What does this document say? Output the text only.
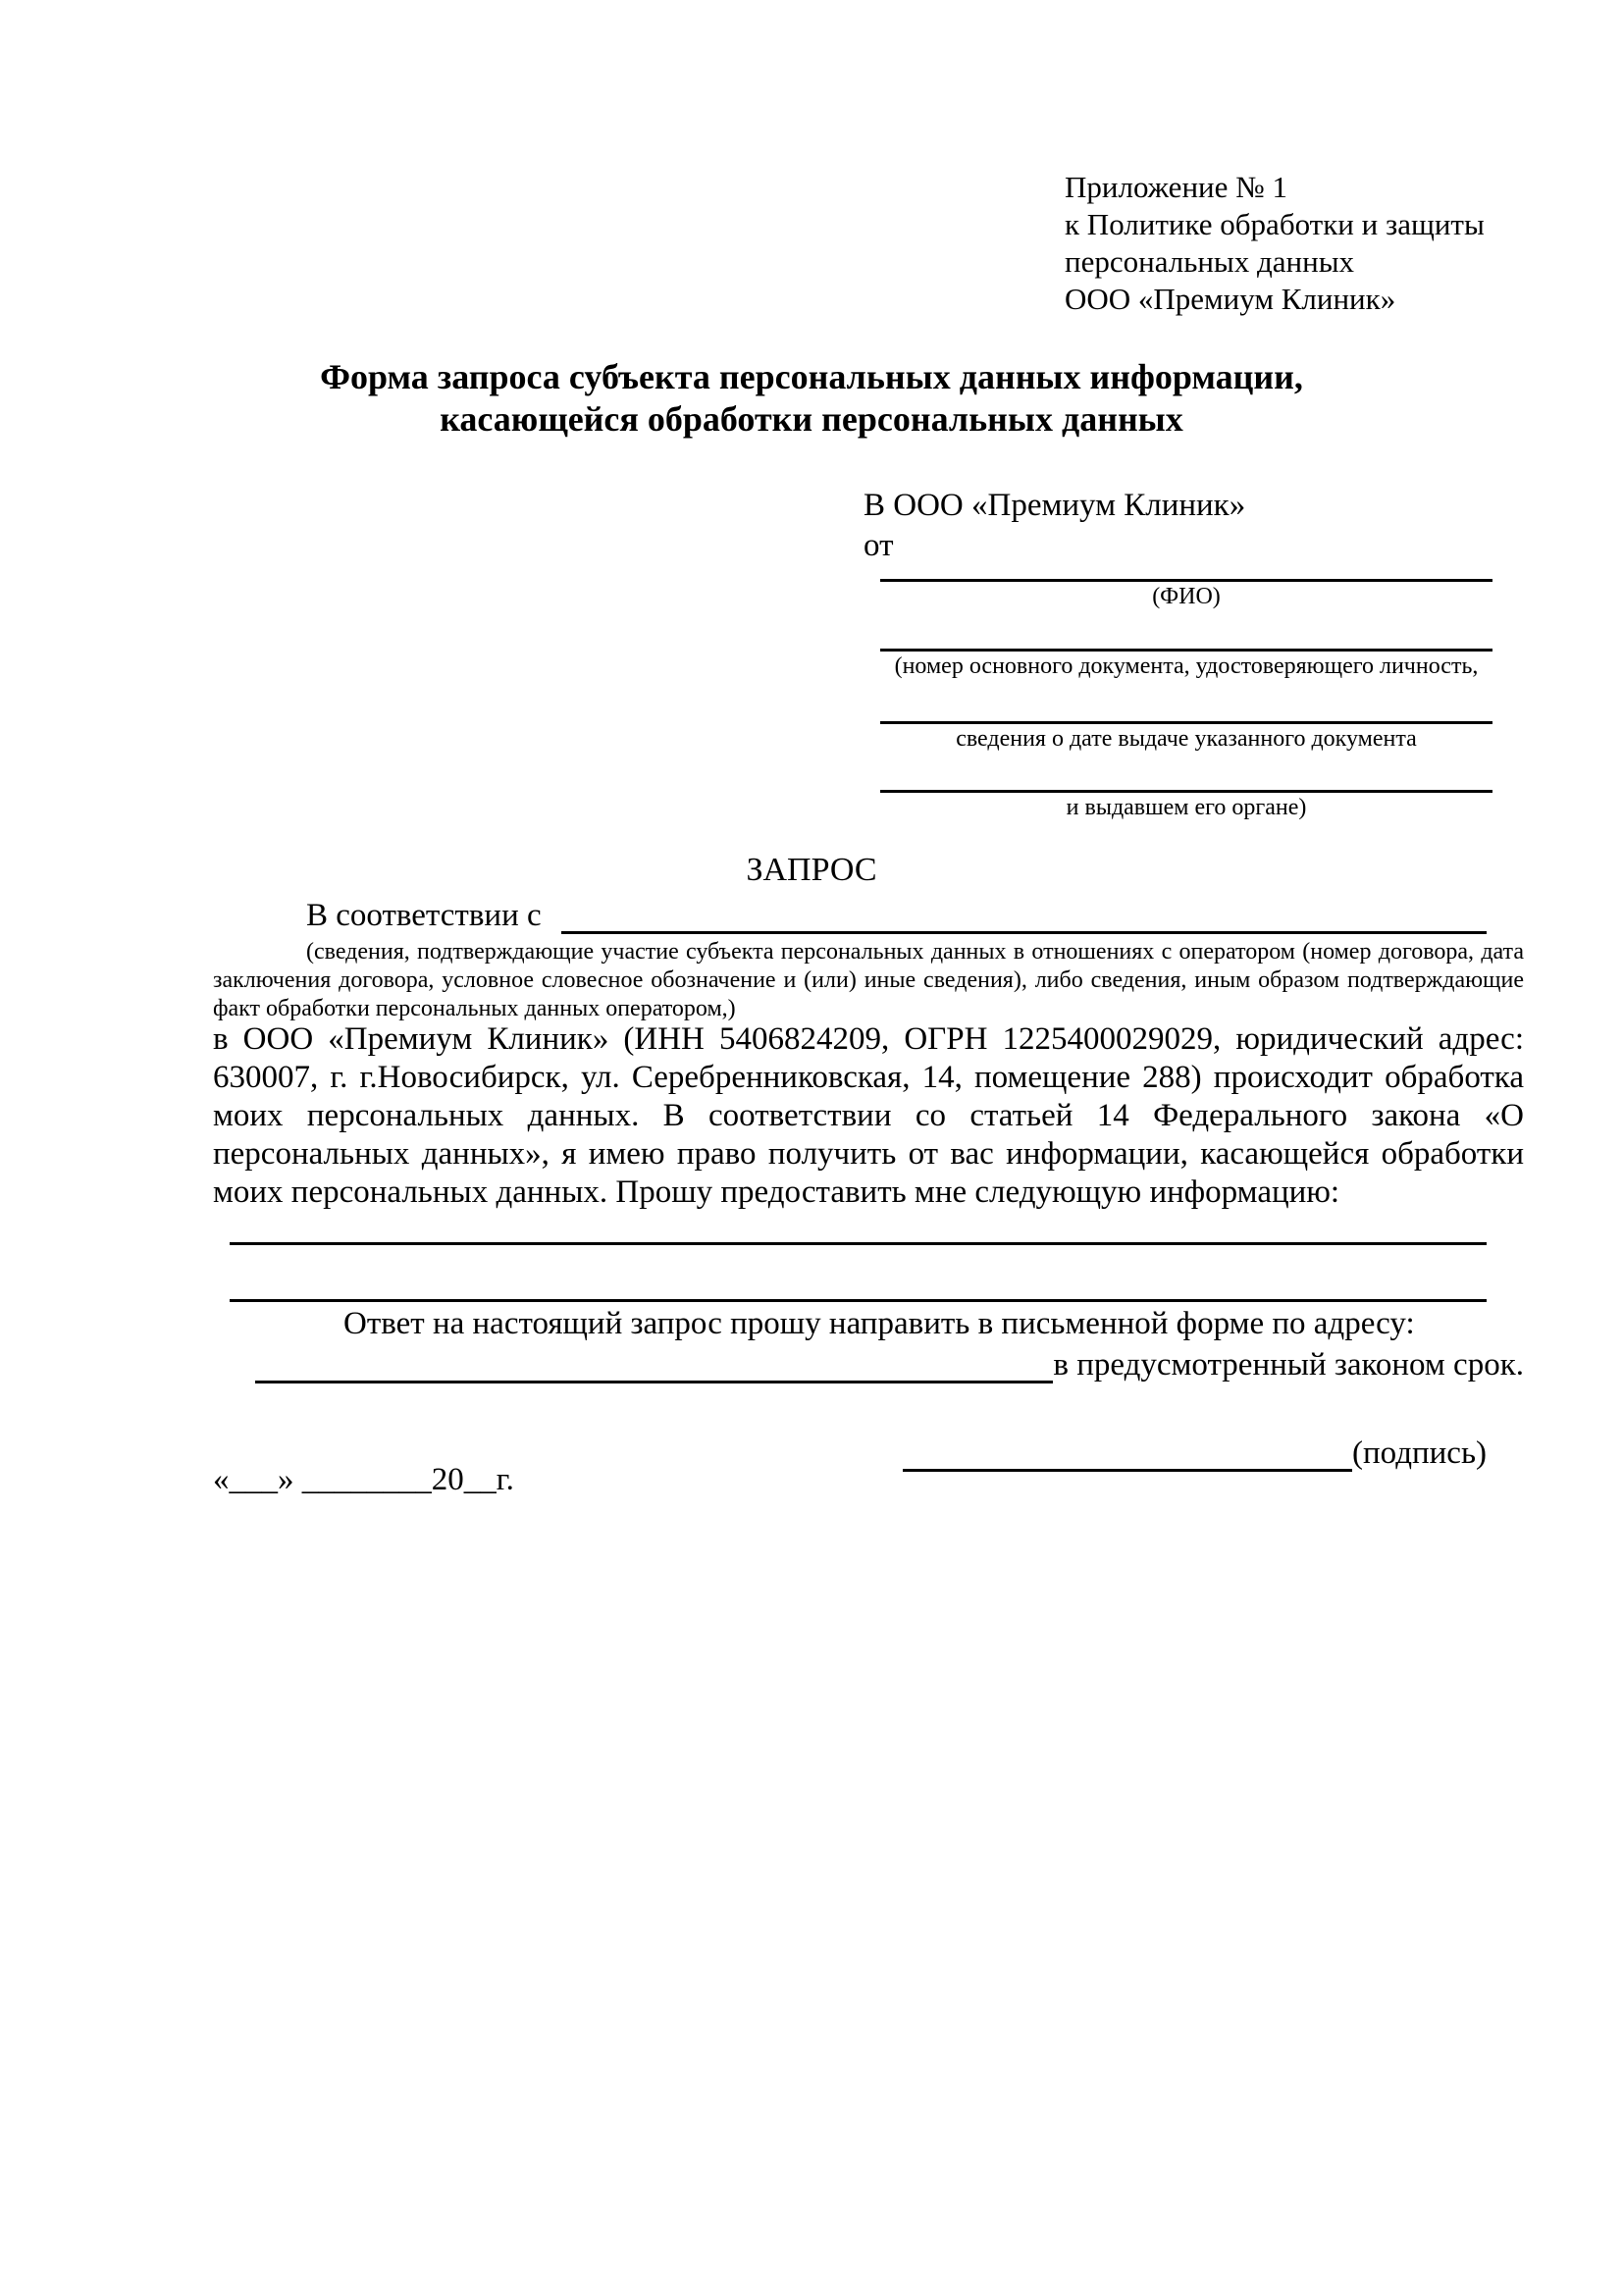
Приложение № 1
к Политике обработки и защиты
персональных данных
ООО «Премиум Клиник»
Форма запроса субъекта персональных данных информации,
касающейся обработки персональных данных
В ООО «Премиум Клиник»
от
(ФИО)
(номер основного документа, удостоверяющего личность,
сведения о дате выдаче указанного документа
и выдавшем его органе)
ЗАПРОС
В соответствии с
(сведения, подтверждающие участие субъекта персональных данных в отношениях с оператором (номер договора, дата заключения договора, условное словесное обозначение и (или) иные сведения), либо сведения, иным образом подтверждающие факт обработки персональных данных оператором,)
в ООО «Премиум Клиник» (ИНН 5406824209, ОГРН 1225400029029, юридический адрес: 630007, г. г.Новосибирск, ул. Серебренниковская, 14, помещение 288) происходит обработка моих персональных данных. В соответствии со статьей 14 Федерального закона «О персональных данных», я имею право получить от вас информации, касающейся обработки моих персональных данных. Прошу предоставить мне следующую информацию:
Ответ на настоящий запрос прошу направить в письменной форме по адресу:
в предусмотренный законом срок.
«___» ________20__г.
(подпись)
